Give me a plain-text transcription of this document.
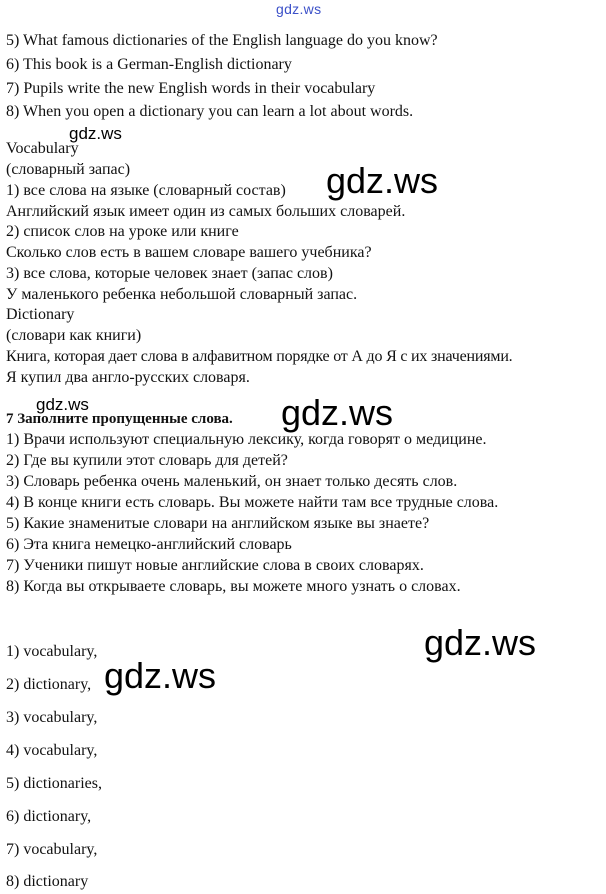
gdz.ws
gdz.ws
gdz.ws
gdz.ws	gdz.ws
gdz.ws
gdz.ws
5) What famous dictionaries of the English language do you know?
6) This book is a German-English dictionary
7) Pupils write the new English words in their vocabulary
8) When you open a dictionary you can learn a lot about words.
Vocabulary
(словарный запас)
1) все слова на языке (словарный состав)
Английский язык имеет один из самых больших словарей.
2) список слов на уроке или книге
Сколько слов есть в вашем словаре вашего учебника?
3) все слова, которые человек знает (запас слов)
У маленького ребенка небольшой словарный запас.
Dictionary
(словари как книги)
Книга, которая дает слова в алфавитном порядке от А до Я с их значениями.
Я купил два англо-русских словаря.
7 Заполните пропущенные слова.
1) Врачи используют специальную лексику, когда говорят о медицине.
2) Где вы купили этот словарь для детей?
3) Словарь ребенка очень маленький, он знает только десять слов.
4) В конце книги есть словарь. Вы можете найти там все трудные слова.
5) Какие знаменитые словари на английском языке вы знаете?
6) Эта книга немецко-английский словарь
7) Ученики пишут новые английские слова в своих словарях.
8) Когда вы открываете словарь, вы можете много узнать о словах.
1) vocabulary,
2) dictionary,
3) vocabulary,
4) vocabulary,
5) dictionaries,
6) dictionary,
7) vocabulary,
8) dictionary
